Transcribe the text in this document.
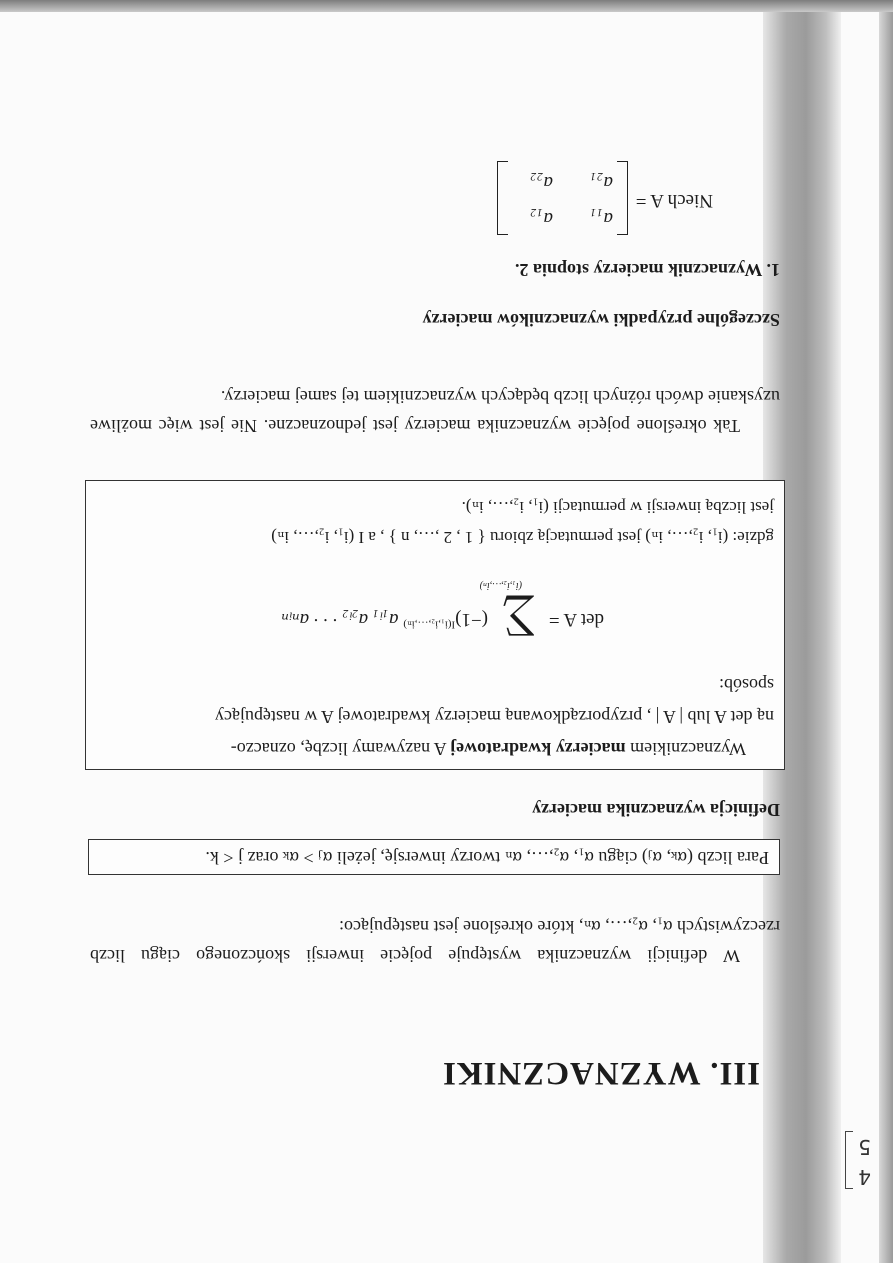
4
5
III. WYZNACZNIKI
W definicji wyznacznika występuje pojęcie inwersji skończonego ciągu liczb rzeczywistych α₁, α₂,…, αₙ, które określone jest następująco:
Para liczb (αₖ, αⱼ) ciągu α₁, α₂,…, αₙ tworzy inwersję, jeżeli αⱼ > αₖ oraz j < k.
Definicja wyznacznika macierzy
Wyznacznikiem macierzy kwadratowej A nazywamy liczbę, oznaczo-
ną det A lub | A | , przyporządkowaną macierzy kwadratowej A w następujący
sposób:
det A = ∑ $(-1)^{I(i_1,i_2,\dots,i_n)}$ a₁ᵢ₁ a₂ᵢ₂ · · · aₙᵢₙ
(i₁,i₂,…,iₙ)
gdzie: (i₁, i₂,…, iₙ) jest permutacją zbioru { 1 , 2 ,…, n } , a I (i₁, i₂,…, iₙ)
jest liczbą inwersji w permutacji (i₁, i₂,…, iₙ).
Tak określone pojęcie wyznacznika macierzy jest jednoznaczne. Nie jest więc możliwe uzyskanie dwóch różnych liczb będących wyznacznikiem tej samej macierzy.
Szczególne przypadki wyznaczników macierzy
1. Wyznacznik macierzy stopnia 2.
Niech A =
a₁₁
a₁₂
a₂₁
a₂₂
